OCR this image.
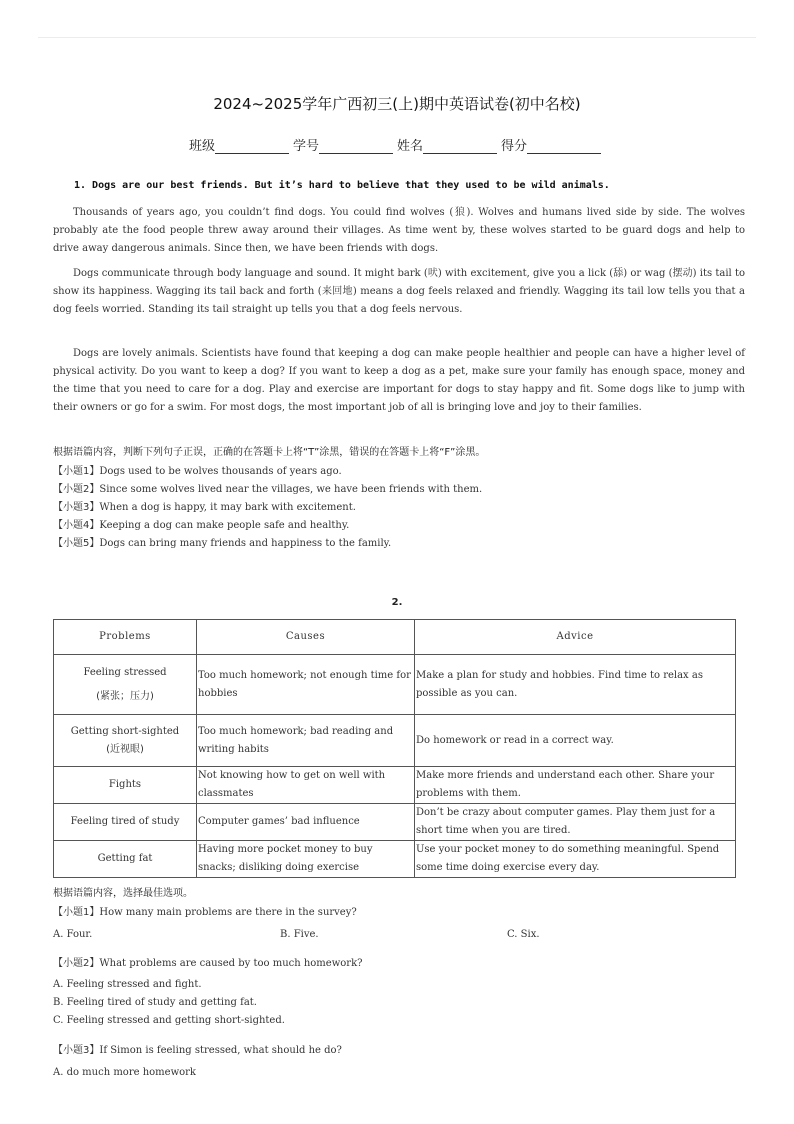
2024~2025学年广西初三(上)期中英语试卷(初中名校)
班级	学号	姓名	得分
1. Dogs are our best friends. But it’s hard to believe that they used to be wild animals.
Thousands of years ago, you couldn’t find dogs. You could find wolves (狼). Wolves and humans lived side by side. The wolves probably ate the food people threw away around their villages. As time went by, these wolves started to be guard dogs and help to drive away dangerous animals. Since then, we have been friends with dogs.
Dogs communicate through body language and sound. It might bark (吠) with excitement, give you a lick (舔) or wag (摆动) its tail to show its happiness. Wagging its tail back and forth (来回地) means a dog feels relaxed and friendly. Wagging its tail low tells you that a dog feels worried. Standing its tail straight up tells you that a dog feels nervous.
Dogs are lovely animals. Scientists have found that keeping a dog can make people healthier and people can have a higher level of physical activity. Do you want to keep a dog? If you want to keep a dog as a pet, make sure your family has enough space, money and the time that you need to care for a dog. Play and exercise are important for dogs to stay happy and fit. Some dogs like to jump with their owners or go for a swim. For most dogs, the most important job of all is bringing love and joy to their families.
根据语篇内容，判断下列句子正误，正确的在答题卡上将“T”涂黑，错误的在答题卡上将“F”涂黑。
【小题1】Dogs used to be wolves thousands of years ago.
【小题2】Since some wolves lived near the villages, we have been friends with them.
【小题3】When a dog is happy, it may bark with excitement.
【小题4】Keeping a dog can make people safe and healthy.
【小题5】Dogs can bring many friends and happiness to the family.
2.
Problems	Causes	Advice

Feeling stressed
(紧张；压力)	Too much homework; not enough time for hobbies	Make a plan for study and hobbies. Find time to relax as possible as you can.

Getting short-sighted
(近视眼)	Too much homework; bad reading and writing habits	Do homework or read in a correct way.

Fights	Not knowing how to get on well with classmates	Make more friends and understand each other. Share your problems with them.

Feeling tired of study	Computer games’ bad influence	Don’t be crazy about computer games. Play them just for a short time when you are tired.

Getting fat	Having more pocket money to buy snacks; disliking doing exercise	Use your pocket money to do something meaningful. Spend some time doing exercise every day.
根据语篇内容，选择最佳选项。
【小题1】How many main problems are there in the survey?
A. Four.	B. Five.	C. Six.
【小题2】What problems are caused by too much homework?
A. Feeling stressed and fight.
B. Feeling tired of study and getting fat.
C. Feeling stressed and getting short-sighted.
【小题3】If Simon is feeling stressed, what should he do?
A. do much more homework
